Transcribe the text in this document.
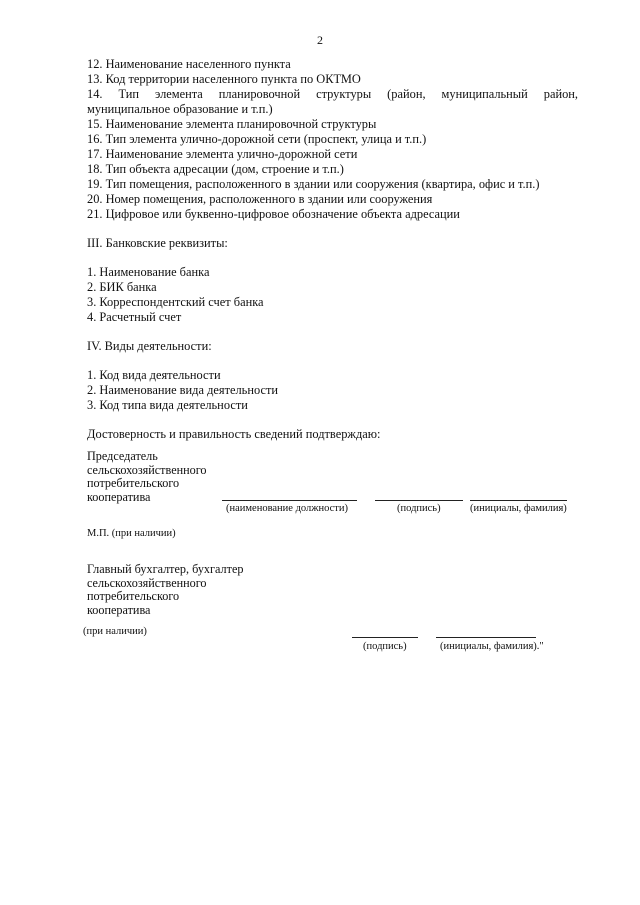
2
12. Наименование населенного пункта
13. Код территории населенного пункта по ОКТМО
14. Тип элемента планировочной структуры (район, муниципальный район,
муниципальное образование и т.п.)
15. Наименование элемента планировочной структуры
16. Тип элемента улично-дорожной сети (проспект, улица и т.п.)
17. Наименование элемента улично-дорожной сети
18. Тип объекта адресации (дом, строение и т.п.)
19. Тип помещения, расположенного в здании или сооружения (квартира, офис и т.п.)
20. Номер помещения, расположенного в здании или сооружения
21. Цифровое или буквенно-цифровое обозначение объекта адресации
III. Банковские реквизиты:
1. Наименование банка
2. БИК банка
3. Корреспондентский счет банка
4. Расчетный счет
IV. Виды деятельности:
1. Код вида деятельности
2. Наименование вида деятельности
3. Код типа вида деятельности
Достоверность и правильность сведений подтверждаю:
Председатель
сельскохозяйственного
потребительского
кооператива
(наименование должности)	(подпись)	(инициалы, фамилия)
М.П. (при наличии)
Главный бухгалтер, бухгалтер
сельскохозяйственного
потребительского
кооператива
(при наличии)
(подпись)	(инициалы, фамилия)."
